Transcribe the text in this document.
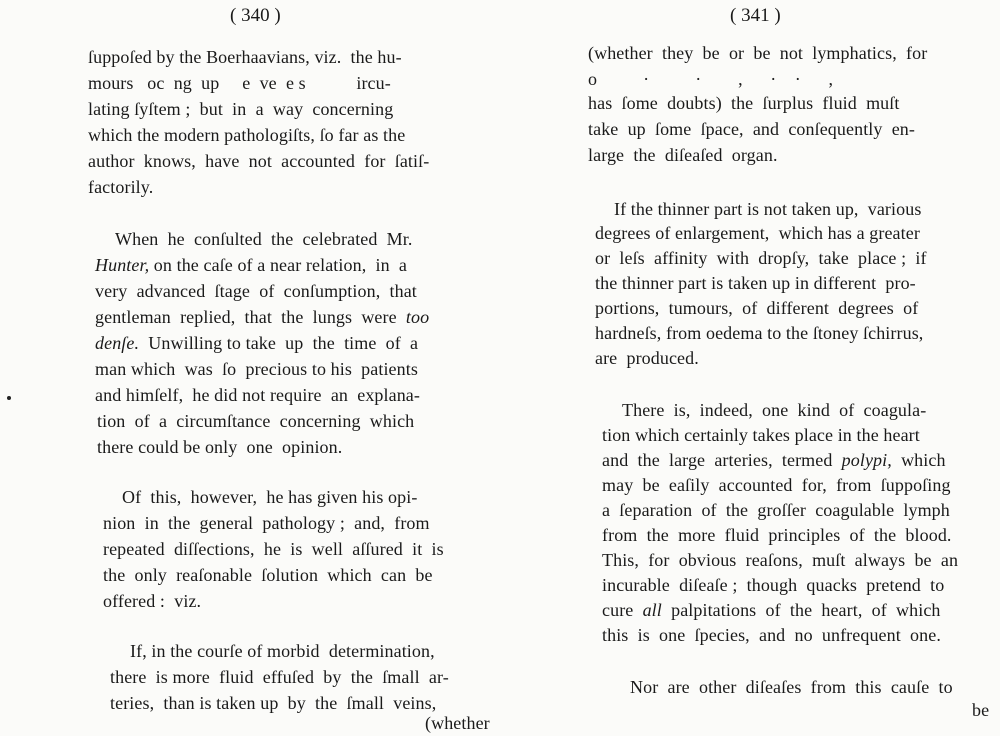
( 340 )
ſuppoſed by the Boerhaavians, viz.  the hu-
mours   oc  ng  up     e  ve  e s           ircu-
lating ſyſtem ;  but  in  a  way  concerning
which the modern pathologiſts, ſo far as the
author  knows,  have  not  accounted  for  ſatiſ-
factorily.
When  he  conſulted  the  celebrated  Mr.
Hunter, on the caſe of a near relation,  in  a
very  advanced  ſtage  of  conſumption,  that
gentleman  replied,  that  the  lungs  were  too
denſe.  Unwilling to take  up  the  time  of  a
man which  was  ſo  precious to his  patients
and himſelf,  he did not require  an  explana-
tion  of  a  circumſtance  concerning  which
there could be only  one  opinion.
Of  this,  however,  he has given his opi-
nion  in  the  general  pathology ;  and,  from
repeated  diſſections,  he  is  well  aſſured  it  is
the  only  reaſonable  ſolution  which  can  be
offered :  viz.
If, in the courſe of morbid  determination,
there  is more  fluid  effuſed  by  the  ſmall  ar-
teries,  than is taken up  by  the  ſmall  veins,
(whether
( 341 )
(whether  they  be  or  be  not  lymphatics,  for
o          ·          ·        ,      ·    ·      ,
has  ſome  doubts)  the  ſurplus  fluid  muſt
take  up  ſome  ſpace,  and  conſequently  en-
large  the  diſeaſed  organ.
If the thinner part is not taken up,  various
degrees of enlargement,  which has a greater
or  leſs  affinity  with  dropſy,  take  place ;  if
the thinner part is taken up in different  pro-
portions,  tumours,  of  different  degrees  of
hardneſs, from oedema to the ſtoney ſchirrus,
are  produced.
There  is,  indeed,  one  kind  of  coagula-
tion which certainly takes place in the heart
and  the  large  arteries,  termed  polypi,  which
may  be  eaſily  accounted  for,  from  ſuppoſing
a  ſeparation  of  the  groſſer  coagulable  lymph
from  the  more  fluid  principles  of  the  blood.
This,  for  obvious  reaſons,  muſt  always  be  an
incurable  diſeaſe ;  though  quacks  pretend  to
cure  all  palpitations  of  the  heart,  of  which
this  is  one  ſpecies,  and  no  unfrequent  one.
Nor  are  other  diſeaſes  from  this  cauſe  to
be
